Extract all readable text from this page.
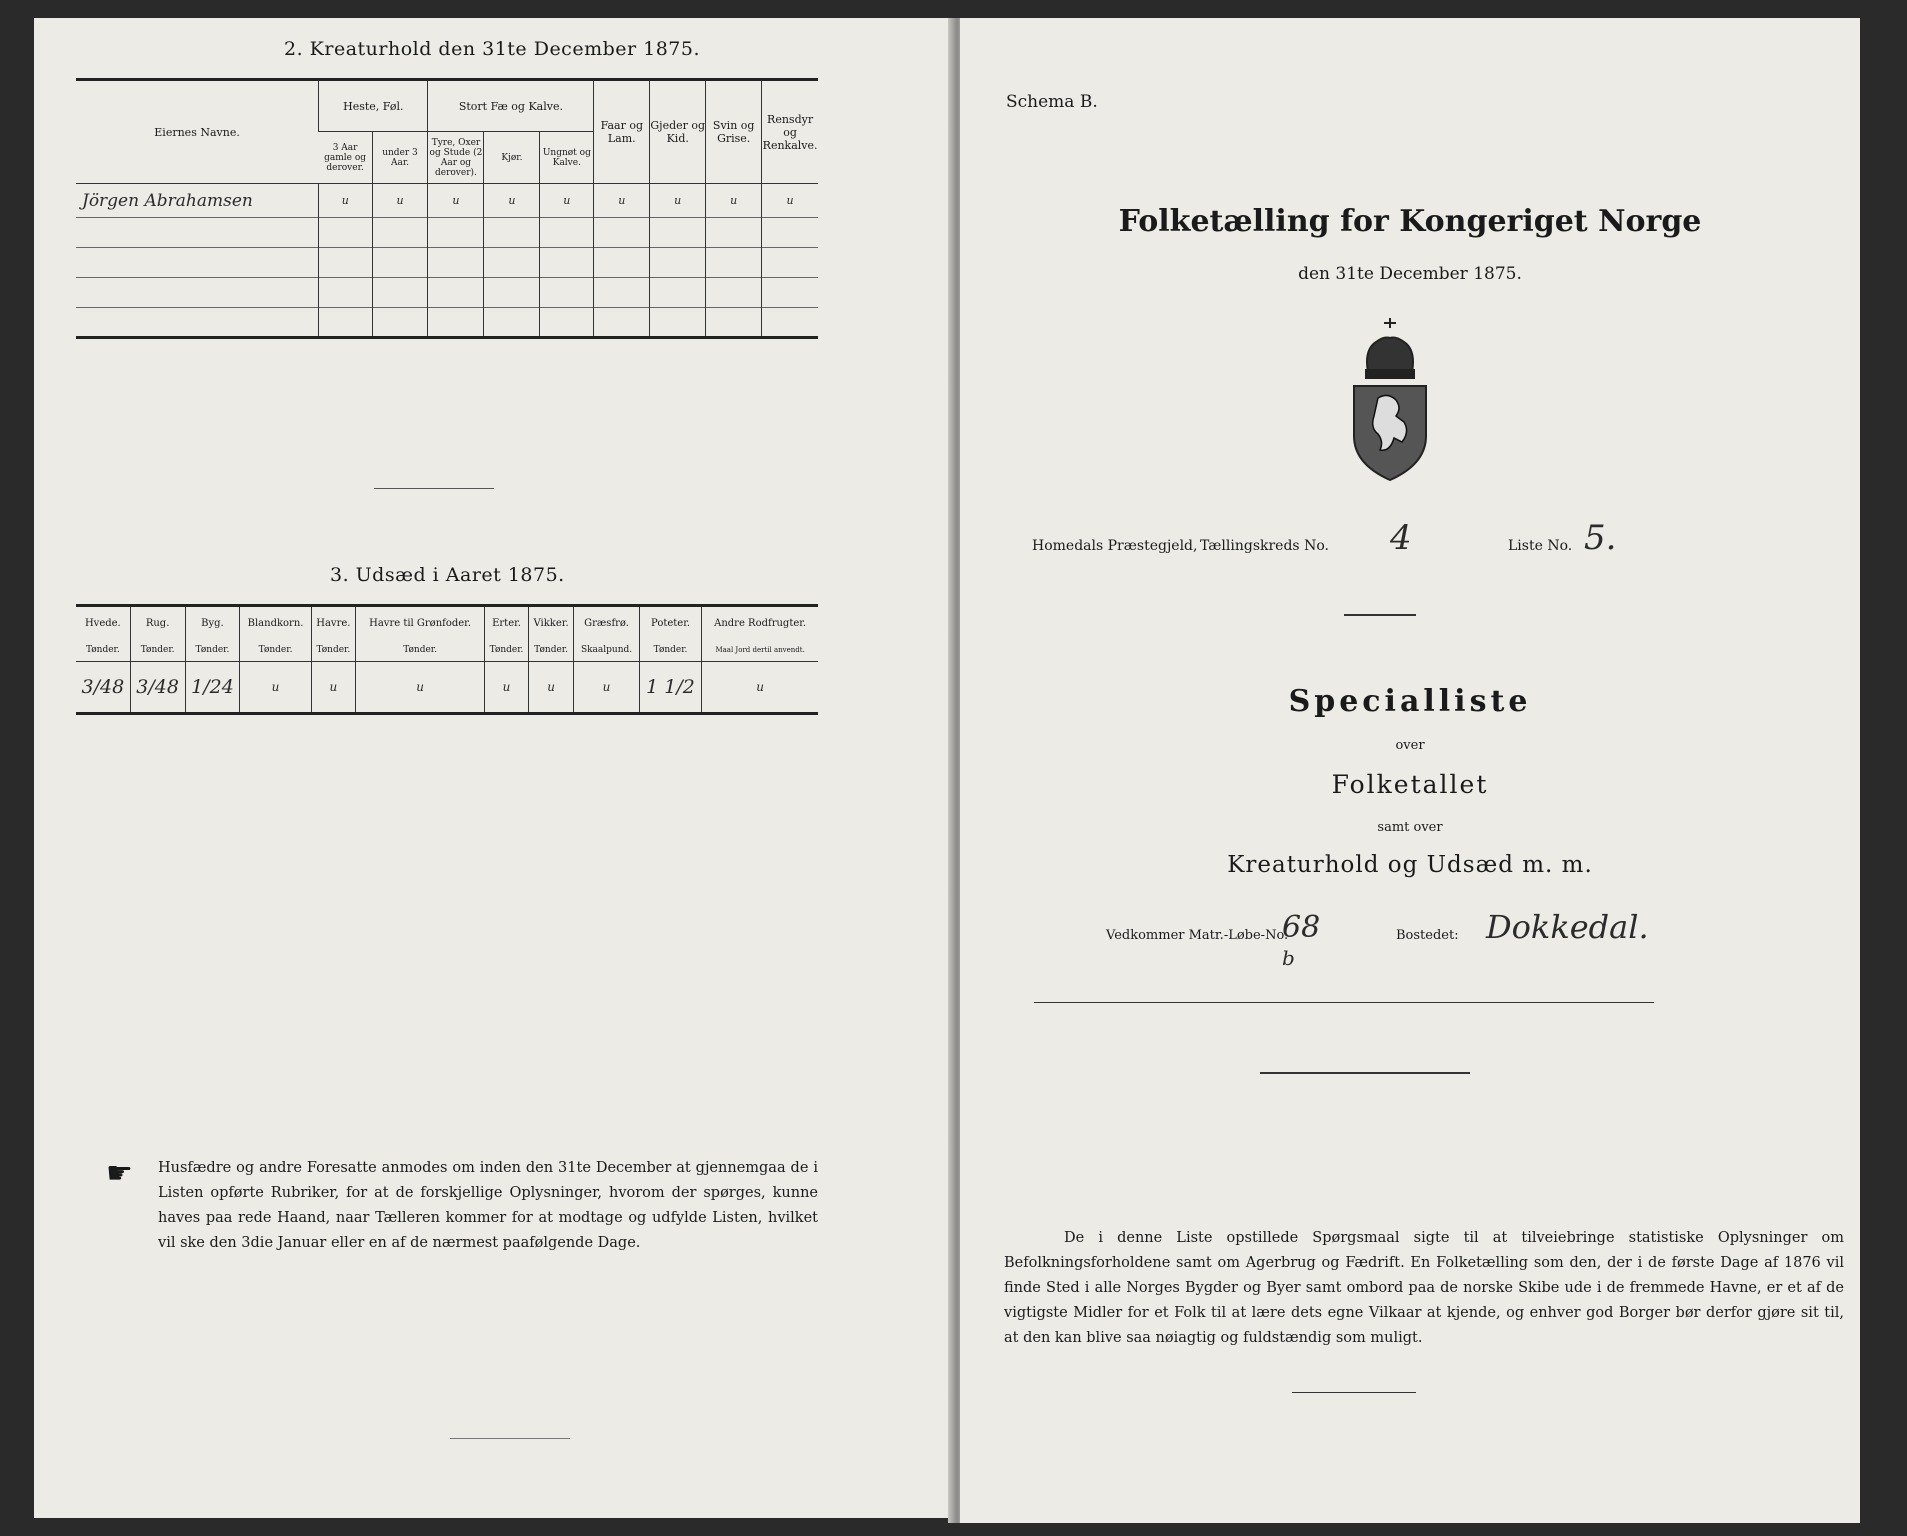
2. Kreaturhold den 31te December 1875.
Eiernes Navne.	Heste, Føl.		Stort Fæ og Kalve.			Faar og Lam.	Gjeder og Kid.	Svin og Grise.	Rensdyr og Renkalve.
	3 Aar gamle og derover.	under 3 Aar.	Tyre, Oxer og Stude (2 Aar og derover).	Kjør.	Ungnøt og Kalve.				
Jörgen Abrahamsen	u	u	u	u	u	u	u	u	u

3. Udsæd i Aaret 1875.
Hvede.	Rug.	Byg.	Blandkorn.	Havre.	Havre til Grønfoder.	Erter.	Vikker.	Græsfrø.	Poteter.	Andre Rodfrugter.
Tønder.	Tønder.	Tønder.	Tønder.	Tønder.	Tønder.	Tønder.	Tønder.	Skaalpund.	Tønder.	Maal Jord dertil anvendt.
3/48	3/48	1/24	u	u	u	u	u	u	1 1/2	u
☛ Husfædre og andre Foresatte anmodes om inden den 31te December at gjennemgaa de i Listen opførte Rubriker, for at de forskjellige Oplysninger, hvorom der spørges, kunne haves paa rede Haand, naar Tælleren kommer for at modtage og udfylde Listen, hvilket vil ske den 3die Januar eller en af de nærmest paafølgende Dage.
Schema B.
Folketælling for Kongeriget Norge
den 31te December 1875.
Homedals Præstegjeld, Tællingskreds No. 4	Liste No. 5.
Specialliste
over
Folketallet
samt over
Kreaturhold og Udsæd m. m.
Vedkommer Matr.-Løbe-No.
68
b
Bostedet: Dokkedal.
De i denne Liste opstillede Spørgsmaal sigte til at tilveiebringe statistiske Oplysninger om Befolkningsforholdene samt om Agerbrug og Fædrift. En Folketælling som den, der i de første Dage af 1876 vil finde Sted i alle Norges Bygder og Byer samt ombord paa de norske Skibe ude i de fremmede Havne, er et af de vigtigste Midler for et Folk til at lære dets egne Vilkaar at kjende, og enhver god Borger bør derfor gjøre sit til, at den kan blive saa nøiagtig og fuldstændig som muligt.
